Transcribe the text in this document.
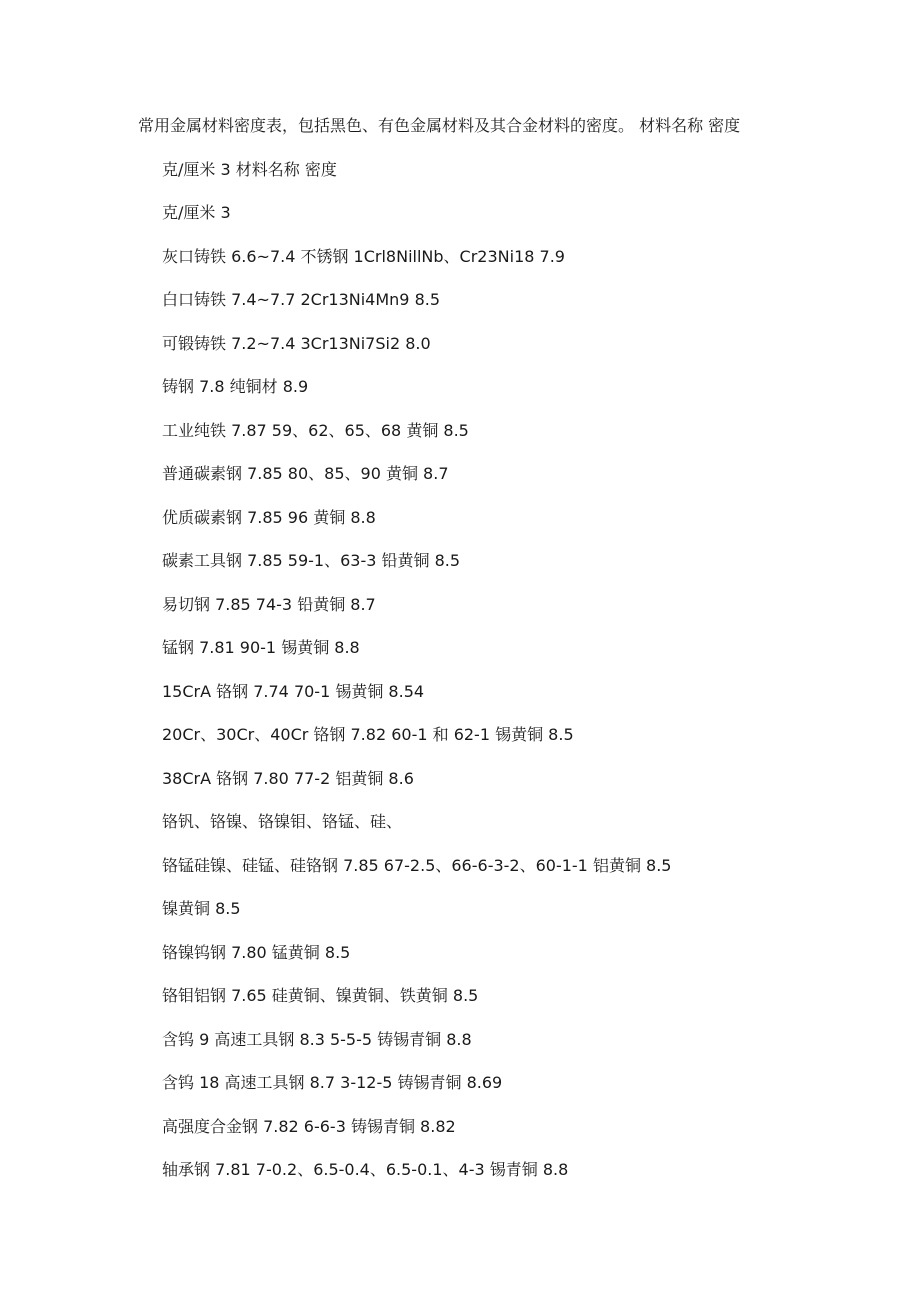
常用金属材料密度表，包括黑色、有色金属材料及其合金材料的密度。 材料名称 密度
克/厘米 3 材料名称 密度
克/厘米 3
灰口铸铁 6.6~7.4 不锈钢 1Crl8NillNb、Cr23Ni18 7.9
白口铸铁 7.4~7.7 2Cr13Ni4Mn9 8.5
可锻铸铁 7.2~7.4 3Cr13Ni7Si2 8.0
铸钢 7.8 纯铜材 8.9
工业纯铁 7.87 59、62、65、68 黄铜 8.5
普通碳素钢 7.85 80、85、90 黄铜 8.7
优质碳素钢 7.85 96 黄铜 8.8
碳素工具钢 7.85 59-1、63-3 铅黄铜 8.5
易切钢 7.85 74-3 铅黄铜 8.7
锰钢 7.81 90-1 锡黄铜 8.8
15CrA 铬钢 7.74 70-1 锡黄铜 8.54
20Cr、30Cr、40Cr 铬钢 7.82 60-1 和 62-1 锡黄铜 8.5
38CrA 铬钢 7.80 77-2 铝黄铜 8.6
铬钒、铬镍、铬镍钼、铬锰、硅、
铬锰硅镍、硅锰、硅铬钢 7.85 67-2.5、66-6-3-2、60-1-1 铝黄铜 8.5
镍黄铜 8.5
铬镍钨钢 7.80 锰黄铜 8.5
铬钼铝钢 7.65 硅黄铜、镍黄铜、铁黄铜 8.5
含钨 9 高速工具钢 8.3 5-5-5 铸锡青铜 8.8
含钨 18 高速工具钢 8.7 3-12-5 铸锡青铜 8.69
高强度合金钢 7.82 6-6-3 铸锡青铜 8.82
轴承钢 7.81 7-0.2、6.5-0.4、6.5-0.1、4-3 锡青铜 8.8
